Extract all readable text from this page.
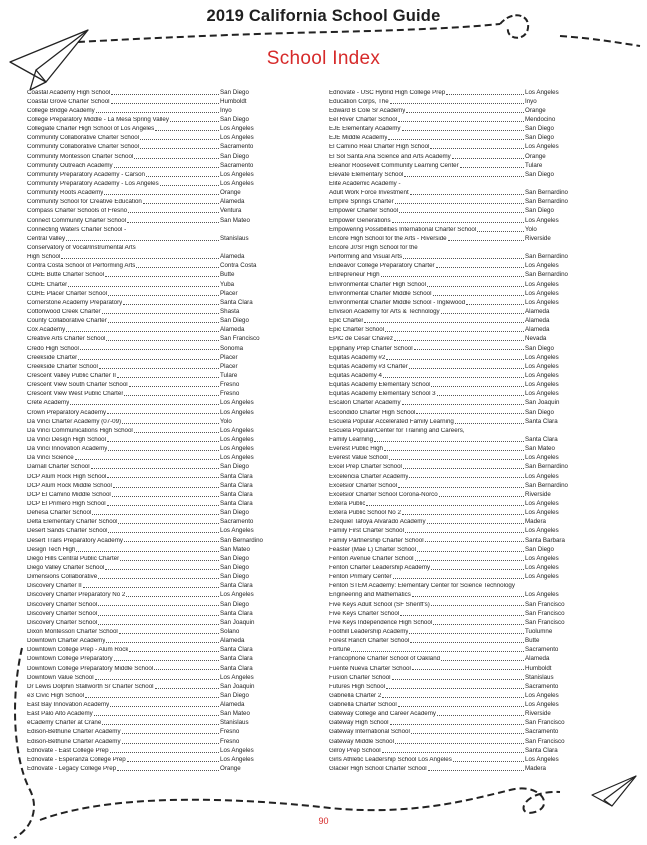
2019 California School Guide
School Index
Coastal Academy High School	San Diego
Coastal Grove Charter School	Humboldt
College Bridge Academy	Inyo
College Preparatory Middle - La Mesa Spring Valley	San Diego
Collegiate Charter High School of Los Angeles	Los Angeles
Community Collaborative Charter School	Los Angeles
Community Collaborative Charter School	Sacramento
Community Montessori Charter School	San Diego
Community Outreach Academy	Sacramento
Community Preparatory Academy - Carson	Los Angeles
Community Preparatory Academy - Los Angeles	Los Angeles
Community Roots Academy	Orange
Community School for Creative Education	Alameda
Compass Charter Schools of Fresno	Ventura
Connect Community Charter School	San Mateo
Connecting Waters Charter School -
Central Valley	Stanislaus
Conservatory of Vocal/Instrumental Arts
High School	Alameda
Contra Costa School of Performing Arts	Contra Costa
CORE Butte Charter School	Butte
CORE Charter	Yuba
CORE Placer Charter School	Placer
Cornerstone Academy Preparatory	Santa Clara
Cottonwood Creek Charter	Shasta
County Collaborative Charter	San Diego
Cox Academy	Alameda
Creative Arts Charter School	San Francisco
Credo High School	Sonoma
Creekside Charter	Placer
Creekside Charter School	Placer
Crescent Valley Public Charter II	Tulare
Crescent View South Charter School	Fresno
Crescent View West Public Charter	Fresno
Crete Academy	Los Angeles
Crown Preparatory Academy	Los Angeles
Da Vinci Charter Academy (07-09)	Yolo
Da Vinci Communications High School	Los Angeles
Da Vinci Design High School	Los Angeles
Da Vinci Innovation Academy	Los Angeles
Da Vinci Science	Los Angeles
Darnall Charter School	San Diego
DCP Alum Rock High School	Santa Clara
DCP Alum Rock Middle School	Santa Clara
DCP El Camino Middle School	Santa Clara
DCP El Primero High School	Santa Clara
Dehesa Charter School	San Diego
Delta Elementary Charter School	Sacramento
Desert Sands Charter School	Los Angeles
Desert Trails Preparatory Academy	San Bernardino
Design Tech High	San Mateo
Diego Hills Central Public Charter	San Diego
Diego Valley Charter School	San Diego
Dimensions Collaborative	San Diego
Discovery Charter II	Santa Clara
Discovery Charter Preparatory No 2	Los Angeles
Discovery Charter School	San Diego
Discovery Charter School	Santa Clara
Discovery Charter School	San Joaquin
Dixon Montessori Charter School	Solano
Downtown Charter Academy	Alameda
Downtown College Prep - Alum Rock	Santa Clara
Downtown College Preparatory	Santa Clara
Downtown College Preparatory Middle School	Santa Clara
Downtown Value School	Los Angeles
Dr Lewis Dolphin Stallworth Sr Charter School	San Joaquin
e3 Civic High School	San Diego
East Bay Innovation Academy	Alameda
East Palo Alto Academy	San Mateo
eCademy Charter at Crane	Stanislaus
Edison-Bethune Charter Academy	Fresno
Edison-Bethune Charter Academy	Fresno
Ednovate - East College Prep	Los Angeles
Ednovate - Esperanza College Prep	Los Angeles
Ednovate - Legacy College Prep	Orange
Ednovate - USC Hybrid High College Prep	Los Angeles
Education Corps, The	Inyo
Edward B Cole Sr Academy	Orange
Eel River Charter School	Mendocino
EJE Elementary Academy	San Diego
EJE Middle Academy	San Diego
El Camino Real Charter High School	Los Angeles
El Sol Santa Ana Science and Arts Academy	Orange
Eleanor Roosevelt Community Learning Center	Tulare
Elevate Elementary School	San Diego
Elite Academic Academy -
Adult Work Force Investment	San Bernardino
Empire Springs Charter	San Bernardino
Empower Charter School	San Diego
Empower Generations	Los Angeles
Empowering Possibilities International Charter School	Yolo
Encore High School for the Arts - Riverside	Riverside
Encore Jr/Sr High School for the
Performing and Visual Arts	San Bernardino
Endeavor College Preparatory Charter	Los Angeles
Entrepreneur High	San Bernardino
Environmental Charter High School	Los Angeles
Environmental Charter Middle School	Los Angeles
Environmental Charter Middle School - Inglewood	Los Angeles
Envision Academy for Arts & Technology	Alameda
Epic Charter	Alameda
Epic Charter School	Alameda
EPIC de Cesar Chavez	Nevada
Epiphany Prep Charter School	San Diego
Equitas Academy #2	Los Angeles
Equitas Academy #3 Charter	Los Angeles
Equitas Academy 4	Los Angeles
Equitas Academy Elementary School	Los Angeles
Equitas Academy Elementary School 3	Los Angeles
Escalon Charter Academy	San Joaquin
Escondido Charter High School	San Diego
Escuela Popular Accelerated Family Learning	Santa Clara
Escuela Popular/Center for Training and Careers,
Family Learning	Santa Clara
Everest Public High	San Mateo
Everest Value School	Los Angeles
Excel Prep Charter School	San Bernardino
Excelencia Charter Academy	Los Angeles
Excelsior Charter School	San Bernardino
Excelsior Charter School Corona-Norco	Riverside
Extera Public	Los Angeles
Extera Public School No 2	Los Angeles
Ezequiel Tafoya Alvarado Academy	Madera
Family First Charter School	Los Angeles
Family Partnership Charter School	Santa Barbara
Feaster (Mae L) Charter School	San Diego
Fenton Avenue Charter School	Los Angeles
Fenton Charter Leadership Academy	Los Angeles
Fenton Primary Center	Los Angeles
Fenton STEM Academy: Elementary Center for Science Technology
Engineering and Mathematics	Los Angeles
Five Keys Adult School (SF Sheriff's)	San Francisco
Five Keys Charter School	San Francisco
Five Keys Independence High School	San Francisco
Foothill Leadership Academy	Tuolumne
Forest Ranch Charter School	Butte
Fortune	Sacramento
Francophone Charter School of Oakland	Alameda
Fuente Nueva Charter School	Humboldt
Fusion Charter School	Stanislaus
Futures High School	Sacramento
Gabriella Charter 2	Los Angeles
Gabriella Charter School	Los Angeles
Gateway College and Career Academy	Riverside
Gateway High School	San Francisco
Gateway International School	Sacramento
Gateway Middle School	San Francisco
Gilroy Prep School	Santa Clara
Girls Athletic Leadership School Los Angeles	Los Angeles
Glacier High School Charter School	Madera
90
